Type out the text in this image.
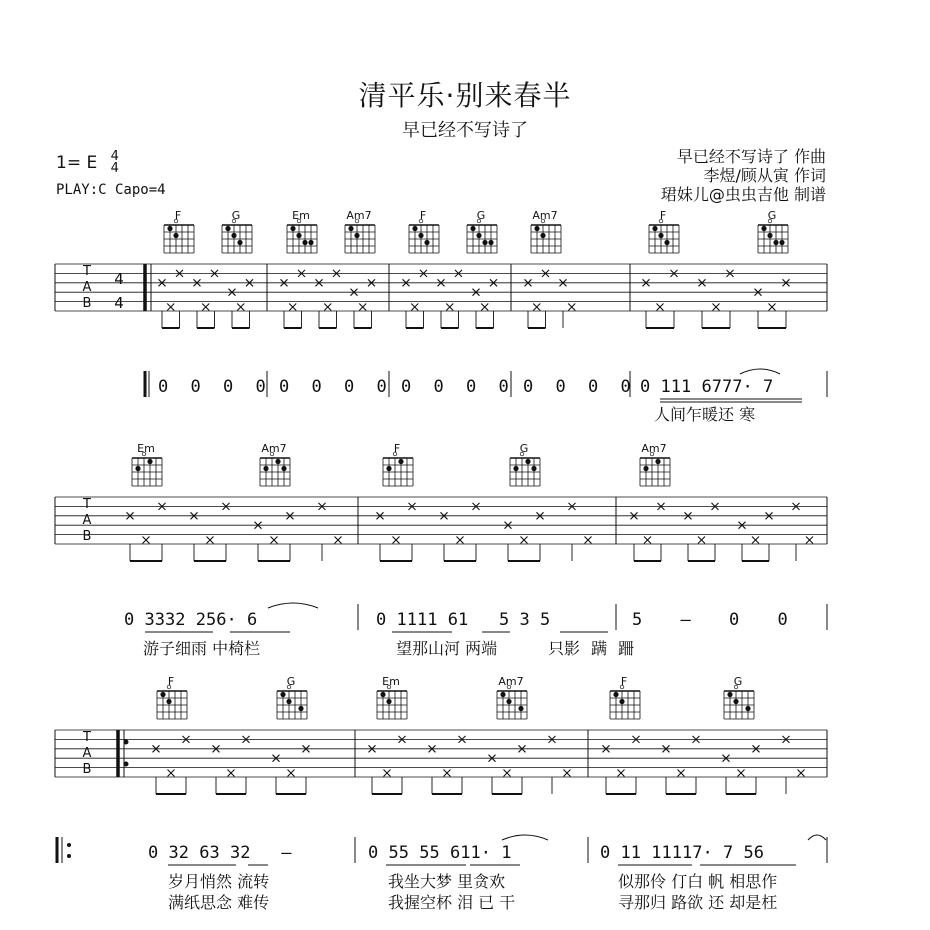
清平乐·别来春半
早已经不写诗了
1= E 4
4
PLAY:C Capo=4
早已经不写诗了 作曲
李煜/顾从寅 作词
珺妹儿@虫虫吉他 制谱
F	G	Em	Am7	F	G	Am7	F	G
Em	Am7	F	G	Am7
F	G	Em	Am7	F	G
T
A
B
T
A
B
T
A
B
4
4
0 0 0 0 0 0 0 0 0 0 0 0 0 0 0 0 0 111 6777· 7
人间乍暖还 寒
0 3332 256· 6	0 1111 61 5 3 5	5 – 0 0
游子细雨 中椅栏	望那山河 两端	只影 蹒 跚
0 32 63 32 –	0 55 55 611· 1	0 11 11117· 7 56
岁月悄然 流转	我坐大梦 里贪欢	似那伶 仃白 帆 相思作
满纸思念 难传	我握空杯 泪 已 干	寻那归 路欲 还 却是枉
